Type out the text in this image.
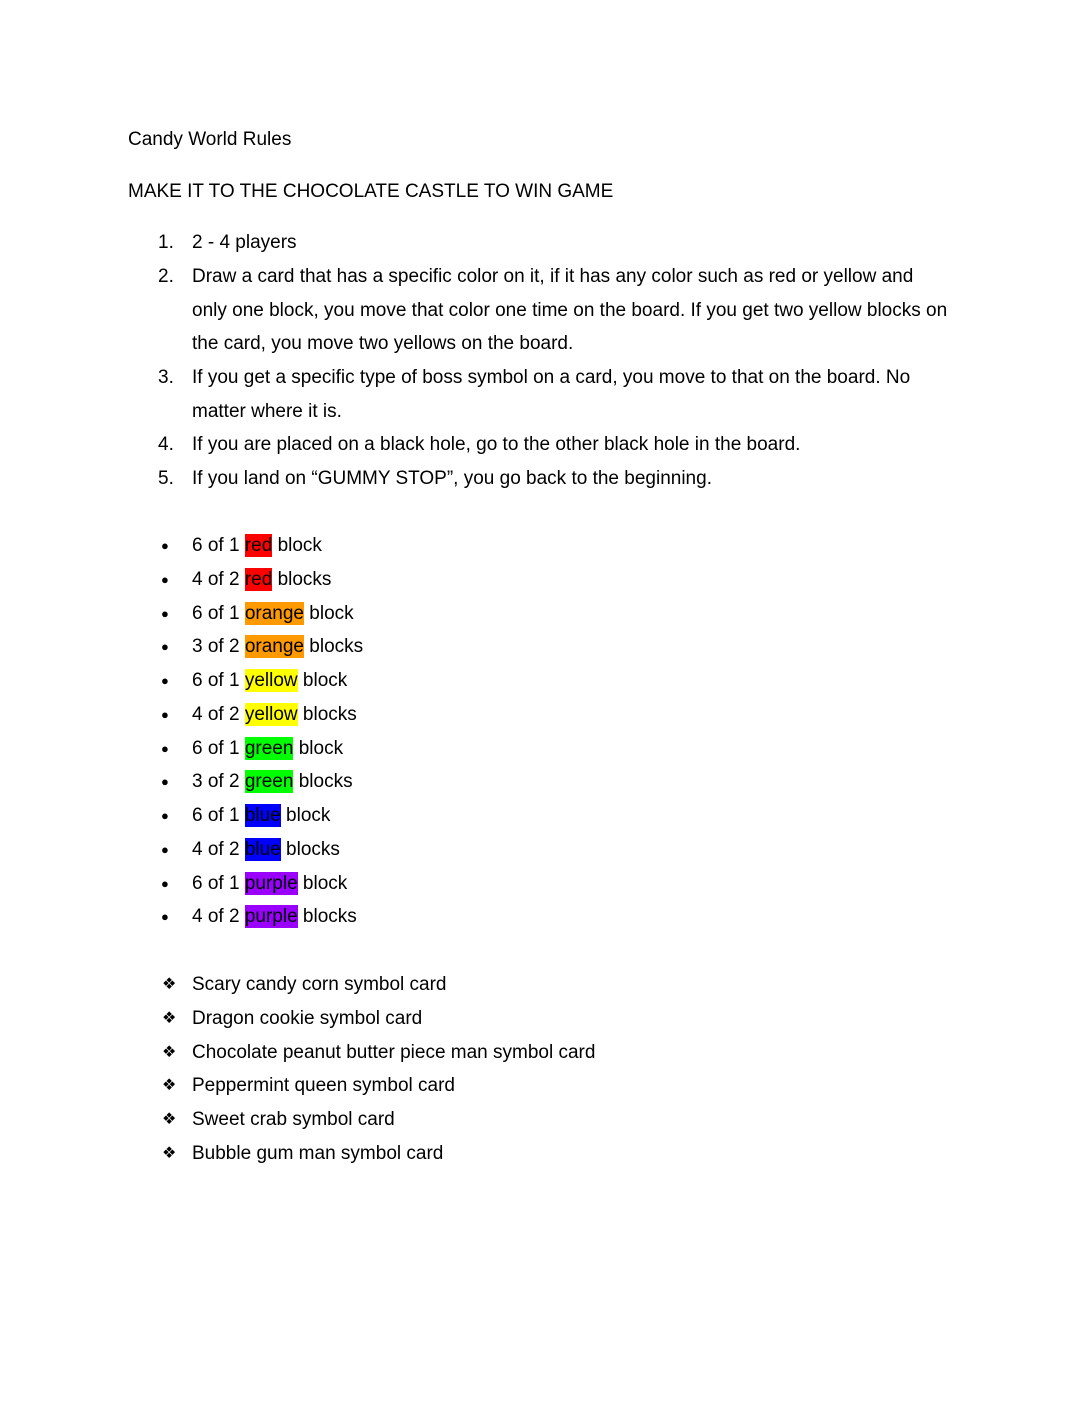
Candy World Rules
MAKE IT TO THE CHOCOLATE CASTLE TO WIN GAME
1. 2 - 4 players
2. Draw a card that has a specific color on it, if it has any color such as red or yellow and only one block, you move that color one time on the board. If you get two yellow blocks on the card, you move two yellows on the board.
3. If you get a specific type of boss symbol on a card, you move to that on the board. No matter where it is.
4. If you are placed on a black hole, go to the other black hole in the board.
5. If you land on “GUMMY STOP”, you go back to the beginning.
●	6 of 1 red block
●	4 of 2 red blocks
●	6 of 1 orange block
●	3 of 2 orange blocks
●	6 of 1 yellow block
●	4 of 2 yellow blocks
●	6 of 1 green block
●	3 of 2 green blocks
●	6 of 1 blue block
●	4 of 2 blue blocks
●	6 of 1 purple block
●	4 of 2 purple blocks
❖ Scary candy corn symbol card
❖ Dragon cookie symbol card
❖ Chocolate peanut butter piece man symbol card
❖ Peppermint queen symbol card
❖ Sweet crab symbol card
❖ Bubble gum man symbol card
